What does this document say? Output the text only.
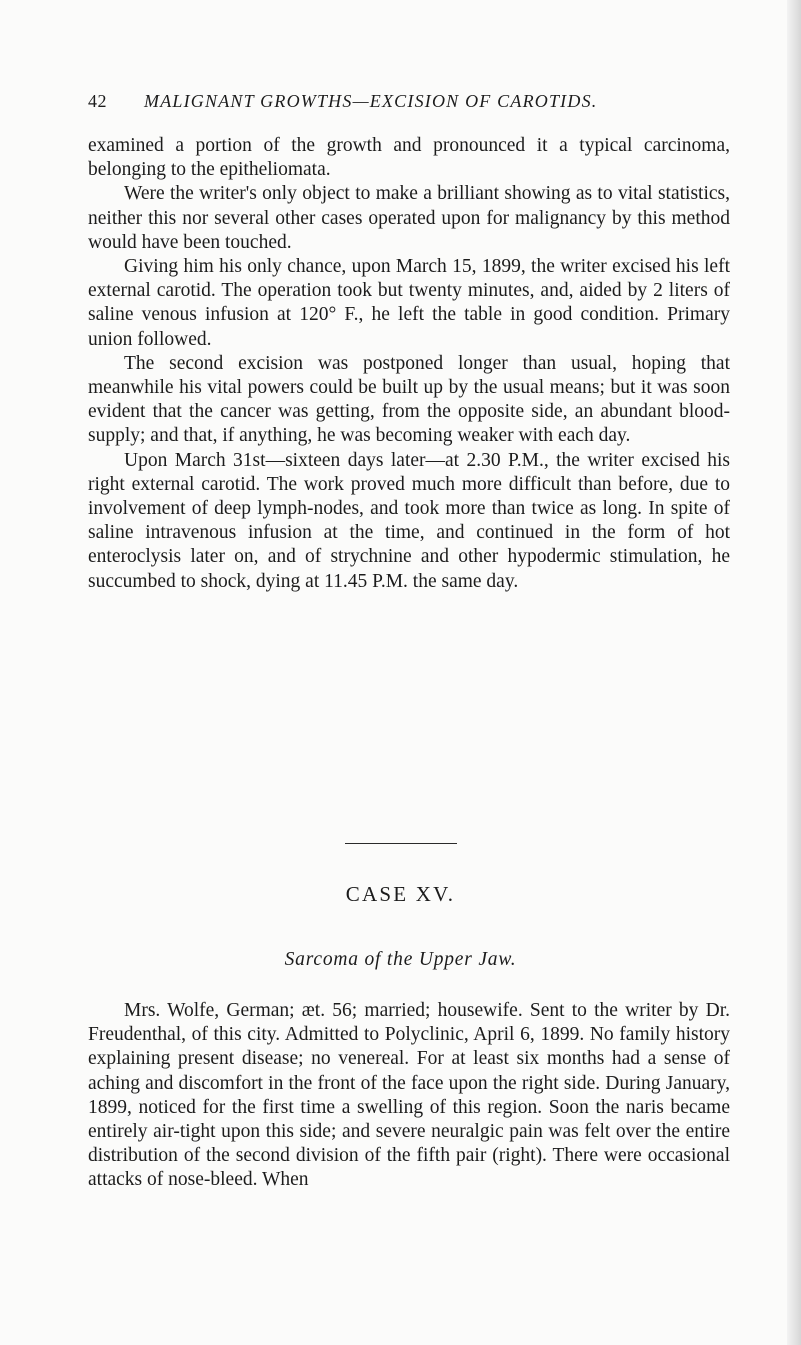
42 MALIGNANT GROWTHS—EXCISION OF CAROTIDS.

examined a portion of the growth and pronounced it a typical carcinoma, belonging to the epitheliomata.

Were the writer's only object to make a brilliant showing as to vital statistics, neither this nor several other cases operated upon for malignancy by this method would have been touched.

Giving him his only chance, upon March 15, 1899, the writer excised his left external carotid. The operation took but twenty minutes, and, aided by 2 liters of saline venous infusion at 120° F., he left the table in good condition. Primary union followed.

The second excision was postponed longer than usual, hoping that meanwhile his vital powers could be built up by the usual means; but it was soon evident that the cancer was getting, from the opposite side, an abundant blood-supply; and that, if anything, he was becoming weaker with each day.

Upon March 31st—sixteen days later—at 2.30 P.M., the writer excised his right external carotid. The work proved much more difficult than before, due to involvement of deep lymph-nodes, and took more than twice as long. In spite of saline intravenous infusion at the time, and continued in the form of hot enteroclysis later on, and of strychnine and other hypodermic stimulation, he succumbed to shock, dying at 11.45 P.M. the same day.

CASE XV.
Sarcoma of the Upper Jaw.

Mrs. Wolfe, German; æt. 56; married; housewife. Sent to the writer by Dr. Freudenthal, of this city. Admitted to Polyclinic, April 6, 1899. No family history explaining present disease; no venereal. For at least six months had a sense of aching and discomfort in the front of the face upon the right side. During January, 1899, noticed for the first time a swelling of this region. Soon the naris became entirely air-tight upon this side; and severe neuralgic pain was felt over the entire distribution of the second division of the fifth pair (right). There were occasional attacks of nose-bleed. When
